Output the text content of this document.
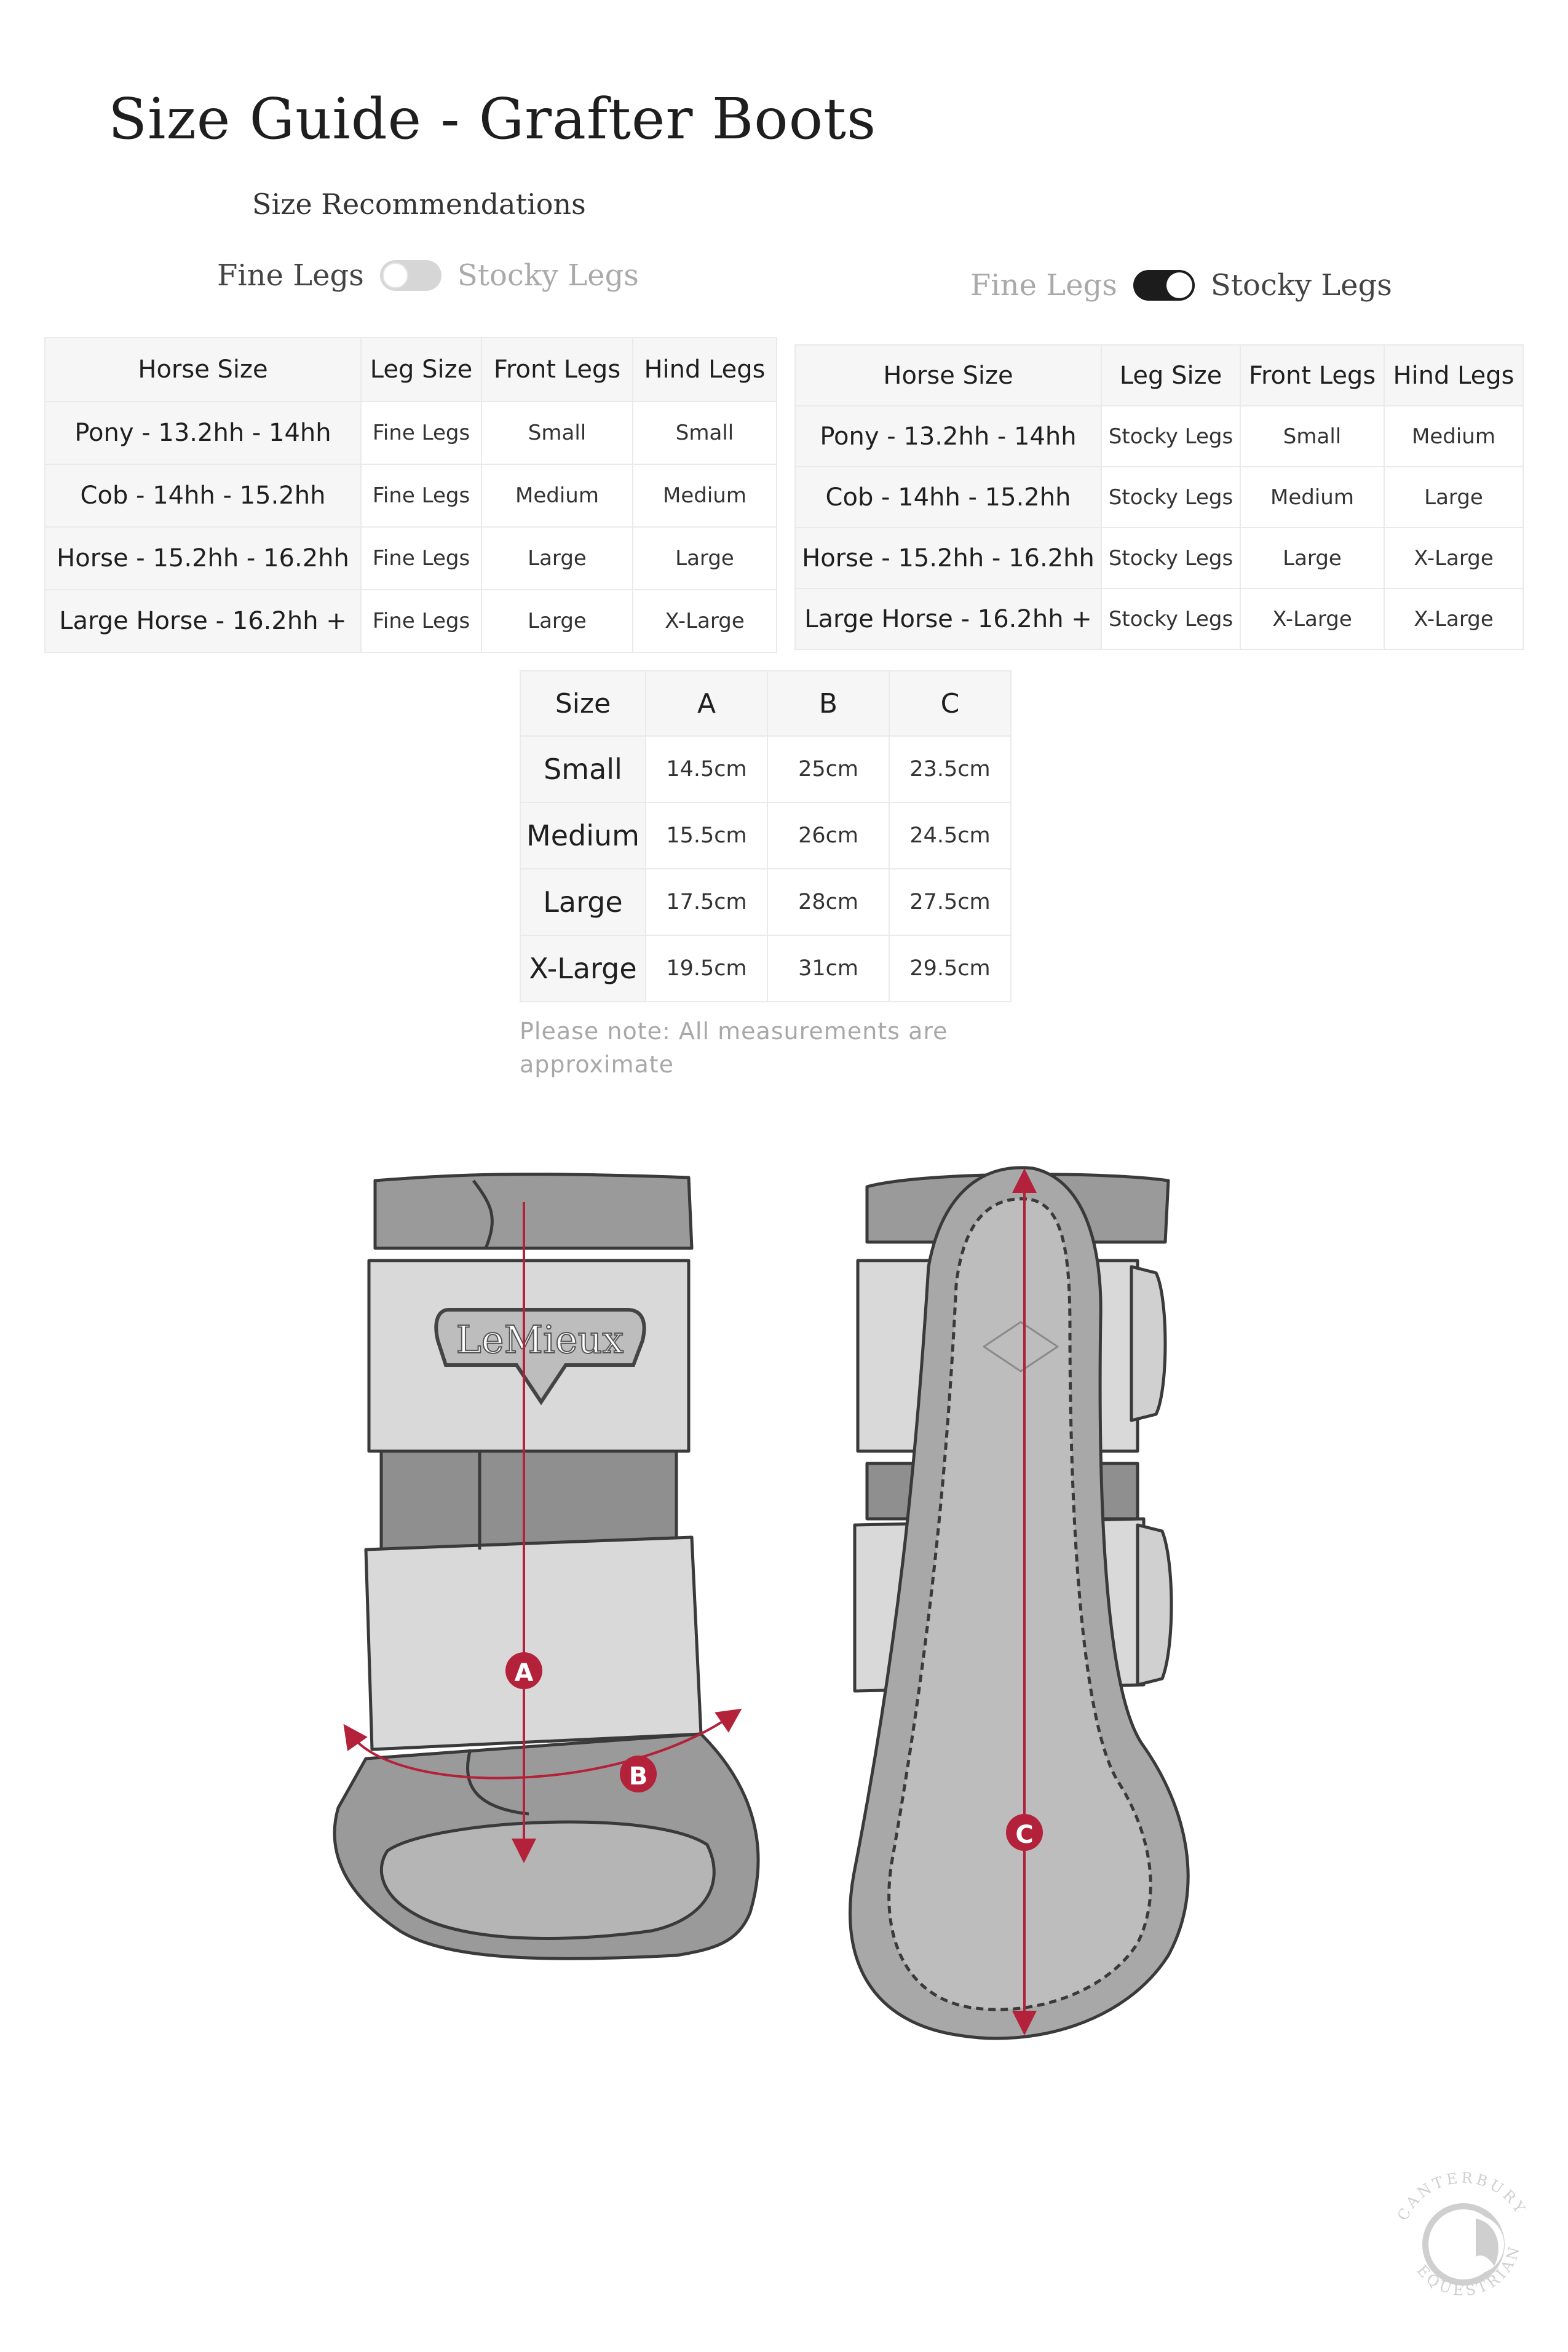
Size Guide - Grafter Boots
Size Recommendations
Fine Legs	Stocky Legs	Fine Legs	Stocky Legs
Horse Size	Leg Size	Front Legs	Hind Legs
Pony - 13.2hh - 14hh	Fine Legs	Small	Small
Cob - 14hh - 15.2hh	Fine Legs	Medium	Medium
Horse - 15.2hh - 16.2hh	Fine Legs	Large	Large
Large Horse - 16.2hh +	Fine Legs	Large	X-Large
Horse Size	Leg Size	Front Legs	Hind Legs
Pony - 13.2hh - 14hh	Stocky Legs	Small	Medium
Cob - 14hh - 15.2hh	Stocky Legs	Medium	Large
Horse - 15.2hh - 16.2hh	Stocky Legs	Large	X-Large
Large Horse - 16.2hh +	Stocky Legs	X-Large	X-Large
Size	A	B	C
Small	14.5cm	25cm	23.5cm
Medium	15.5cm	26cm	24.5cm
Large	17.5cm	28cm	27.5cm
X-Large	19.5cm	31cm	29.5cm
Please note: All measurements are approximate
LeMieux
A
B
C
CANTERBURY
EQUESTRIAN
